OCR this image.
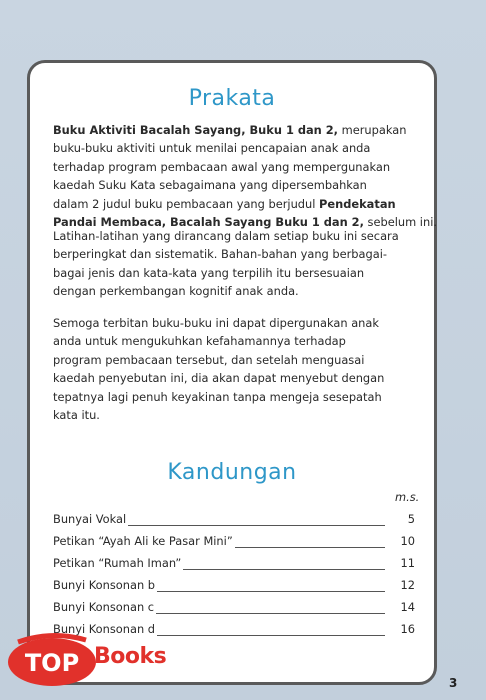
Prakata
Buku Aktiviti Bacalah Sayang, Buku 1 dan 2, merupakan
buku-buku aktiviti untuk menilai pencapaian anak anda
terhadap program pembacaan awal yang mempergunakan
kaedah Suku Kata sebagaimana yang dipersembahkan
dalam 2 judul buku pembacaan yang berjudul Pendekatan
Pandai Membaca, Bacalah Sayang Buku 1 dan 2, sebelum ini.
Latihan-latihan yang dirancang dalam setiap buku ini secara
berperingkat dan sistematik. Bahan-bahan yang berbagai-
bagai jenis dan kata-kata yang terpilih itu bersesuaian
dengan perkembangan kognitif anak anda.
Semoga terbitan buku-buku ini dapat dipergunakan anak
anda untuk mengukuhkan kefahamannya terhadap
program pembacaan tersebut, dan setelah menguasai
kaedah penyebutan ini, dia akan dapat menyebut dengan
tepatnya lagi penuh keyakinan tanpa mengeja sesepatah
kata itu.
Kandungan
m.s.
Bunyai Vokal	5
Petikan “Ayah Ali ke Pasar Mini”	10
Petikan “Rumah Iman”	11
Bunyi Konsonan b	12
Bunyi Konsonan c	14
Bunyi Konsonan d	16
3
TOP Books
